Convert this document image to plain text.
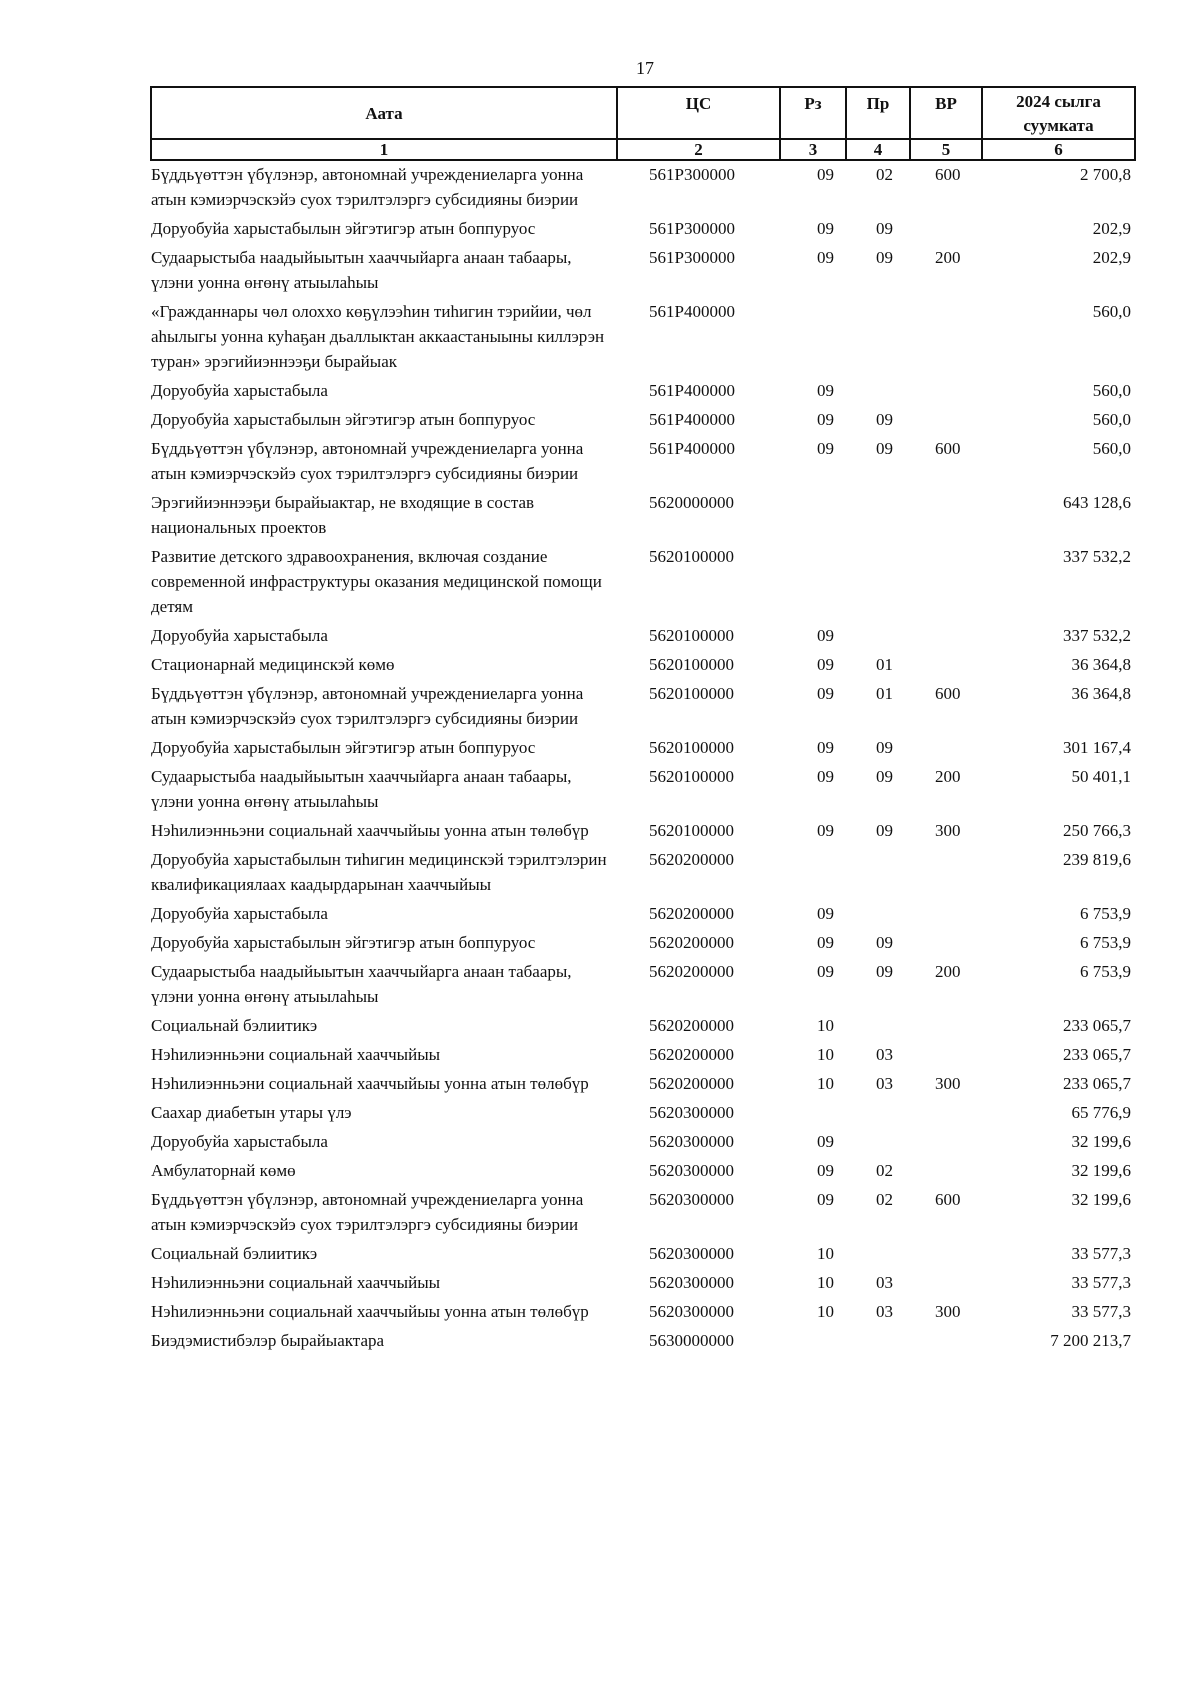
17
Аата	ЦС	Рз	Пр	ВР	2024 сылга суумката
1	2	3	4	5	6
Бүддьүөттэн үбүлэнэр, автономнай учреждениеларга уонна атын кэмиэрчэскэйэ суох тэрилтэлэргэ субсидияны биэрии	561P300000	09	02	600	2 700,8
Доруобуйа харыстабылын эйгэтигэр атын боппуруос	561P300000	09	09		202,9
Судаарыстыба наадыйыытын хааччыйарга анаан табаары, үлэни уонна өҥөнү атыылаһыы	561P300000	09	09	200	202,9
«Гражданнары чөл олоххо көҕүлээһин тиһигин тэрийии, чөл аһылыгы уонна куһаҕан дьаллыктан аккаастаныыны киллэрэн туран» эрэгийиэннээҕи бырайыак	561P400000				560,0
Доруобуйа харыстабыла	561P400000	09			560,0
Доруобуйа харыстабылын эйгэтигэр атын боппуруос	561P400000	09	09		560,0
Бүддьүөттэн үбүлэнэр, автономнай учреждениеларга уонна атын кэмиэрчэскэйэ суох тэрилтэлэргэ субсидияны биэрии	561P400000	09	09	600	560,0
Эрэгийиэннээҕи бырайыактар, не входящие в состав национальных проектов	5620000000				643 128,6
Развитие детского здравоохранения, включая создание современной инфраструктуры оказания медицинской помощи детям	5620100000				337 532,2
Доруобуйа харыстабыла	5620100000	09			337 532,2
Стационарнай медицинскэй көмө	5620100000	09	01		36 364,8
Бүддьүөттэн үбүлэнэр, автономнай учреждениеларга уонна атын кэмиэрчэскэйэ суох тэрилтэлэргэ субсидияны биэрии	5620100000	09	01	600	36 364,8
Доруобуйа харыстабылын эйгэтигэр атын боппуруос	5620100000	09	09		301 167,4
Судаарыстыба наадыйыытын хааччыйарга анаан табаары, үлэни уонна өҥөнү атыылаһыы	5620100000	09	09	200	50 401,1
Нэһилиэнньэни социальнай хааччыйыы уонна атын төлөбүр	5620100000	09	09	300	250 766,3
Доруобуйа харыстабылын тиһигин медицинскэй тэрилтэлэрин квалификациялаах каадырдарынан хааччыйыы	5620200000				239 819,6
Доруобуйа харыстабыла	5620200000	09			6 753,9
Доруобуйа харыстабылын эйгэтигэр атын боппуруос	5620200000	09	09		6 753,9
Судаарыстыба наадыйыытын хааччыйарга анаан табаары, үлэни уонна өҥөнү атыылаһыы	5620200000	09	09	200	6 753,9
Социальнай бэлиитикэ	5620200000	10			233 065,7
Нэһилиэнньэни социальнай хааччыйыы	5620200000	10	03		233 065,7
Нэһилиэнньэни социальнай хааччыйыы уонна атын төлөбүр	5620200000	10	03	300	233 065,7
Саахар диабетын утары үлэ	5620300000				65 776,9
Доруобуйа харыстабыла	5620300000	09			32 199,6
Амбулаторнай көмө	5620300000	09	02		32 199,6
Бүддьүөттэн үбүлэнэр, автономнай учреждениеларга уонна атын кэмиэрчэскэйэ суох тэрилтэлэргэ субсидияны биэрии	5620300000	09	02	600	32 199,6
Социальнай бэлиитикэ	5620300000	10			33 577,3
Нэһилиэнньэни социальнай хааччыйыы	5620300000	10	03		33 577,3
Нэһилиэнньэни социальнай хааччыйыы уонна атын төлөбүр	5620300000	10	03	300	33 577,3
Биэдэмистибэлэр бырайыактара	5630000000				7 200 213,7
